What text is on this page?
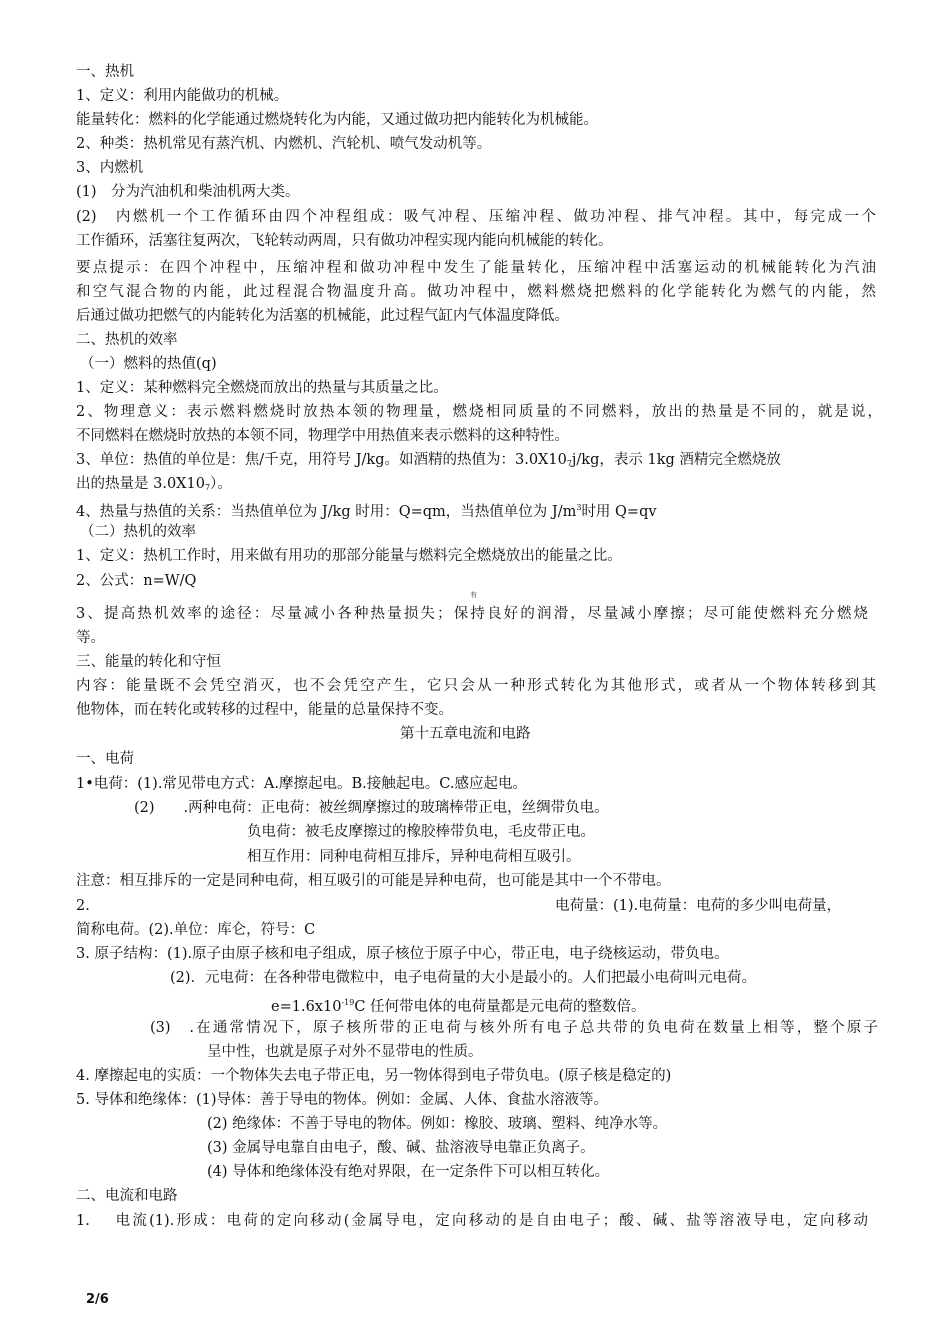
一、热机
1、定义：利用内能做功的机械。
能量转化：燃料的化学能通过燃烧转化为内能，又通过做功把内能转化为机械能。
2、种类：热机常见有蒸汽机、内燃机、汽轮机、喷气发动机等。
3、内燃机
(1)　分为汽油机和柴油机两大类。
(2)　内燃机一个工作循环由四个冲程组成：吸气冲程、压缩冲程、做功冲程、排气冲程。其中，每完成一个
工作循环，活塞往复两次，飞轮转动两周，只有做功冲程实现内能向机械能的转化。
要点提示：在四个冲程中，压缩冲程和做功冲程中发生了能量转化，压缩冲程中活塞运动的机械能转化为汽油
和空气混合物的内能，此过程混合物温度升高。做功冲程中，燃料燃烧把燃料的化学能转化为燃气的内能，然
后通过做功把燃气的内能转化为活塞的机械能，此过程气缸内气体温度降低。
二、热机的效率
（一）燃料的热值(q)
1、定义：某种燃料完全燃烧而放出的热量与其质量之比。
2、物理意义：表示燃料燃烧时放热本领的物理量，燃烧相同质量的不同燃料，放出的热量是不同的，就是说，
不同燃料在燃烧时放热的本领不同，物理学中用热值来表示燃料的这种特性。
3、单位：热值的单位是：焦/千克，用符号 J/kg。如酒精的热值为：3.0X107j/kg，表示 1kg 酒精完全燃烧放
出的热量是 3.0X107）。
4、热量与热值的关系：当热值单位为 J/kg 时用：Q=qm，当热值单位为 $J/m^3$时用 Q=qv
（二）热机的效率
1、定义：热机工作时，用来做有用功的那部分能量与燃料完全燃烧放出的能量之比。
2、公式：n=W/Q
有
3、提高热机效率的途径：尽量减小各种热量损失；保持良好的润滑，尽量减小摩擦；尽可能使燃料充分燃烧
等。
三、能量的转化和守恒
内容：能量既不会凭空消灭，也不会凭空产生，它只会从一种形式转化为其他形式，或者从一个物体转移到其
他物体，而在转化或转移的过程中，能量的总量保持不变。
第十五章电流和电路
一、电荷
1•电荷：(1).常见带电方式：A.摩擦起电。B.接触起电。C.感应起电。
(2)　　.两种电荷：正电荷：被丝绸摩擦过的玻璃棒带正电，丝绸带负电。
负电荷：被毛皮摩擦过的橡胶棒带负电，毛皮带正电。
相互作用：同种电荷相互排斥，异种电荷相互吸引。
注意：相互排斥的一定是同种电荷，相互吸引的可能是异种电荷，也可能是其中一个不带电。
2.	电荷量：(1).电荷量：电荷的多少叫电荷量，
简称电荷。(2).单位：库仑，符号：C
3. 原子结构：(1).原子由原子核和电子组成，原子核位于原子中心，带正电，电子绕核运动，带负电。
(2)．元电荷：在各种带电微粒中，电子电荷量的大小是最小的。人们把最小电荷叫元电荷。
$e=1.6x10^{-19}C$ 任何带电体的电荷量都是元电荷的整数倍。
(3)　.在通常情况下，原子核所带的正电荷与核外所有电子总共带的负电荷在数量上相等，整个原子
呈中性，也就是原子对外不显带电的性质。
4. 摩擦起电的实质：一个物体失去电子带正电，另一物体得到电子带负电。(原子核是稳定的)
5. 导体和绝缘体：(1)导体：善于导电的物体。例如：金属、人体、食盐水溶液等。
(2) 绝缘体：不善于导电的物体。例如：橡胶、玻璃、塑料、纯净水等。
(3) 金属导电靠自由电子，酸、碱、盐溶液导电靠正负离子。
(4) 导体和绝缘体没有绝对界限，在一定条件下可以相互转化。
二、电流和电路
1.　 电流(1).形成：电荷的定向移动(金属导电，定向移动的是自由电子；酸、碱、盐等溶液导电，定向移动
2/6
